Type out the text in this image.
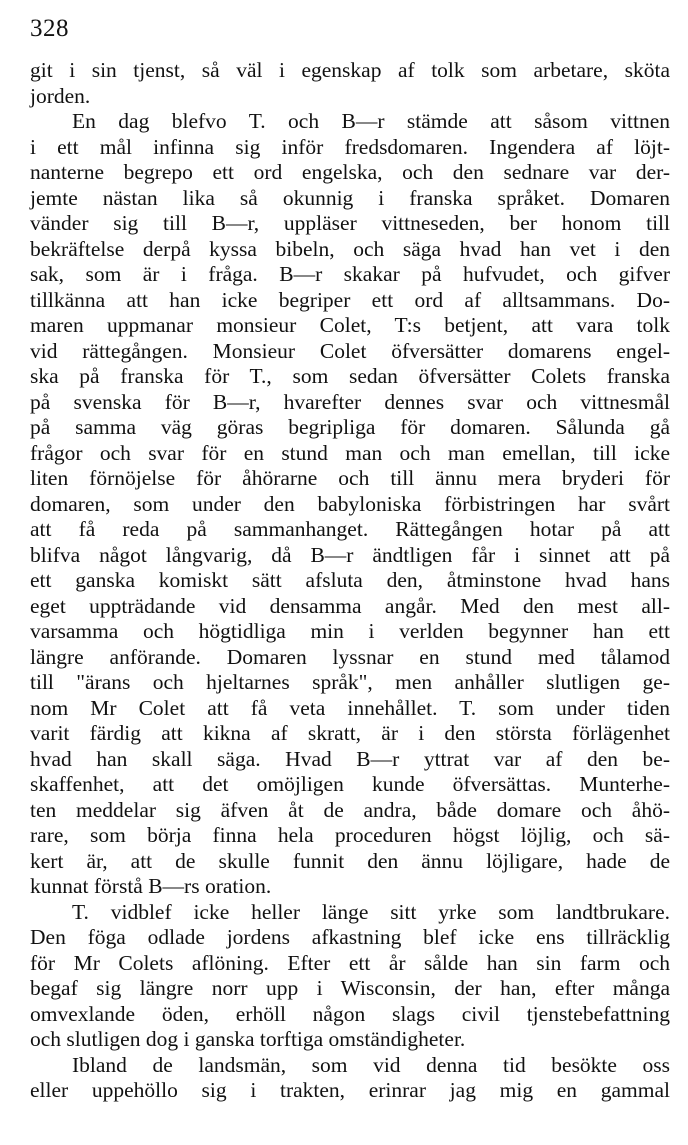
328
git i sin tjenst, så väl i egenskap af tolk som arbetare, sköta
jorden.
En dag blefvo T. och B—r stämde att såsom vittnen
i ett mål infinna sig inför fredsdomaren. Ingendera af löjt-
nanterne begrepo ett ord engelska, och den sednare var der-
jemte nästan lika så okunnig i franska språket. Domaren
vänder sig till B—r, uppläser vittneseden, ber honom till
bekräftelse derpå kyssa bibeln, och säga hvad han vet i den
sak, som är i fråga. B—r skakar på hufvudet, och gifver
tillkänna att han icke begriper ett ord af alltsammans. Do-
maren uppmanar monsieur Colet, T:s betjent, att vara tolk
vid rättegången. Monsieur Colet öfversätter domarens engel-
ska på franska för T., som sedan öfversätter Colets franska
på svenska för B—r, hvarefter dennes svar och vittnesmål
på samma väg göras begripliga för domaren. Sålunda gå
frågor och svar för en stund man och man emellan, till icke
liten förnöjelse för åhörarne och till ännu mera bryderi för
domaren, som under den babyloniska förbistringen har svårt
att få reda på sammanhanget. Rättegången hotar på att
blifva något långvarig, då B—r ändtligen får i sinnet att på
ett ganska komiskt sätt afsluta den, åtminstone hvad hans
eget uppträdande vid densamma angår. Med den mest all-
varsamma och högtidliga min i verlden begynner han ett
längre anförande. Domaren lyssnar en stund med tålamod
till "ärans och hjeltarnes språk", men anhåller slutligen ge-
nom Mr Colet att få veta innehållet. T. som under tiden
varit färdig att kikna af skratt, är i den största förlägenhet
hvad han skall säga. Hvad B—r yttrat var af den be-
skaffenhet, att det omöjligen kunde öfversättas. Munterhe-
ten meddelar sig äfven åt de andra, både domare och åhö-
rare, som börja finna hela proceduren högst löjlig, och sä-
kert är, att de skulle funnit den ännu löjligare, hade de
kunnat förstå B—rs oration.
T. vidblef icke heller länge sitt yrke som landtbrukare.
Den föga odlade jordens afkastning blef icke ens tillräcklig
för Mr Colets aflöning. Efter ett år sålde han sin farm och
begaf sig längre norr upp i Wisconsin, der han, efter många
omvexlande öden, erhöll någon slags civil tjenstebefattning
och slutligen dog i ganska torftiga omständigheter.
Ibland de landsmän, som vid denna tid besökte oss
eller uppehöllo sig i trakten, erinrar jag mig en gammal
